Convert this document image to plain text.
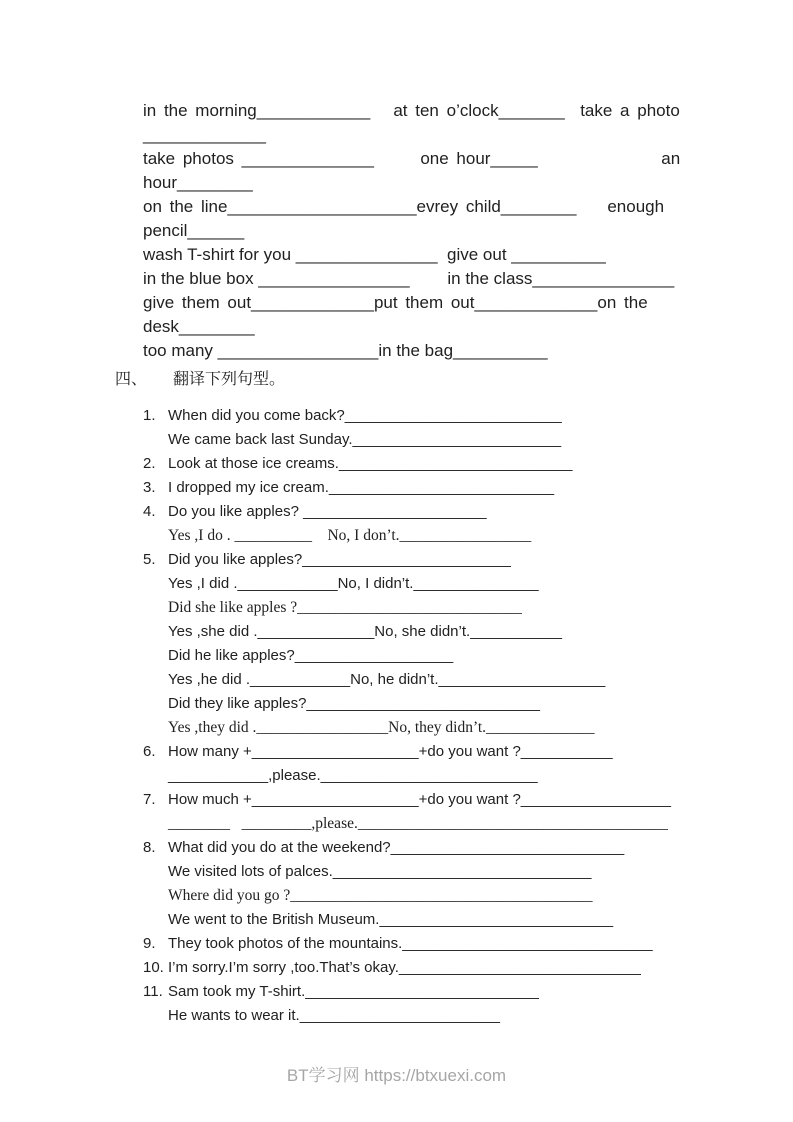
in the morning____________   at ten o’clock_______  take a photo
_____________
take photos ______________      one hour_____                an
hour________
on the line____________________evrey child________    enough
pencil______
wash T-shirt for you _______________  give out __________
in the blue box ________________        in the class_______________
give them out_____________put them out_____________on the
desk________
too many _________________in the bag__________
四、 翻译下列句型。
1. When did you come back?__________________________
We came back last Sunday._________________________
2. Look at those ice creams.____________________________
3. I dropped my ice cream.___________________________
4. Do you like apples? ______________________
Yes ,I do . __________    No, I don’t._________________
5. Did you like apples?_________________________
Yes ,I did .____________No, I didn’t._______________
Did she like apples ?_____________________________
Yes ,she did .______________No, she didn’t.___________
Did he like apples?___________________
Yes ,he did .____________No, he didn’t.____________________
Did they like apples?____________________________
Yes ,they did ._________________No, they didn’t.______________
6. How many +____________________+do you want ?___________
____________,please.__________________________
7. How much +____________________+do you want ?__________________
________   _________,please.________________________________________
8. What did you do at the weekend?____________________________
We visited lots of palces._______________________________
Where did you go ?_______________________________________
We went to the British Museum.____________________________
9. They took photos of the mountains.______________________________
10. I’m sorry.I’m sorry ,too.That’s okay._____________________________
11. Sam took my T-shirt.____________________________
He wants to wear it.________________________
BT学习网 https://btxuexi.com
